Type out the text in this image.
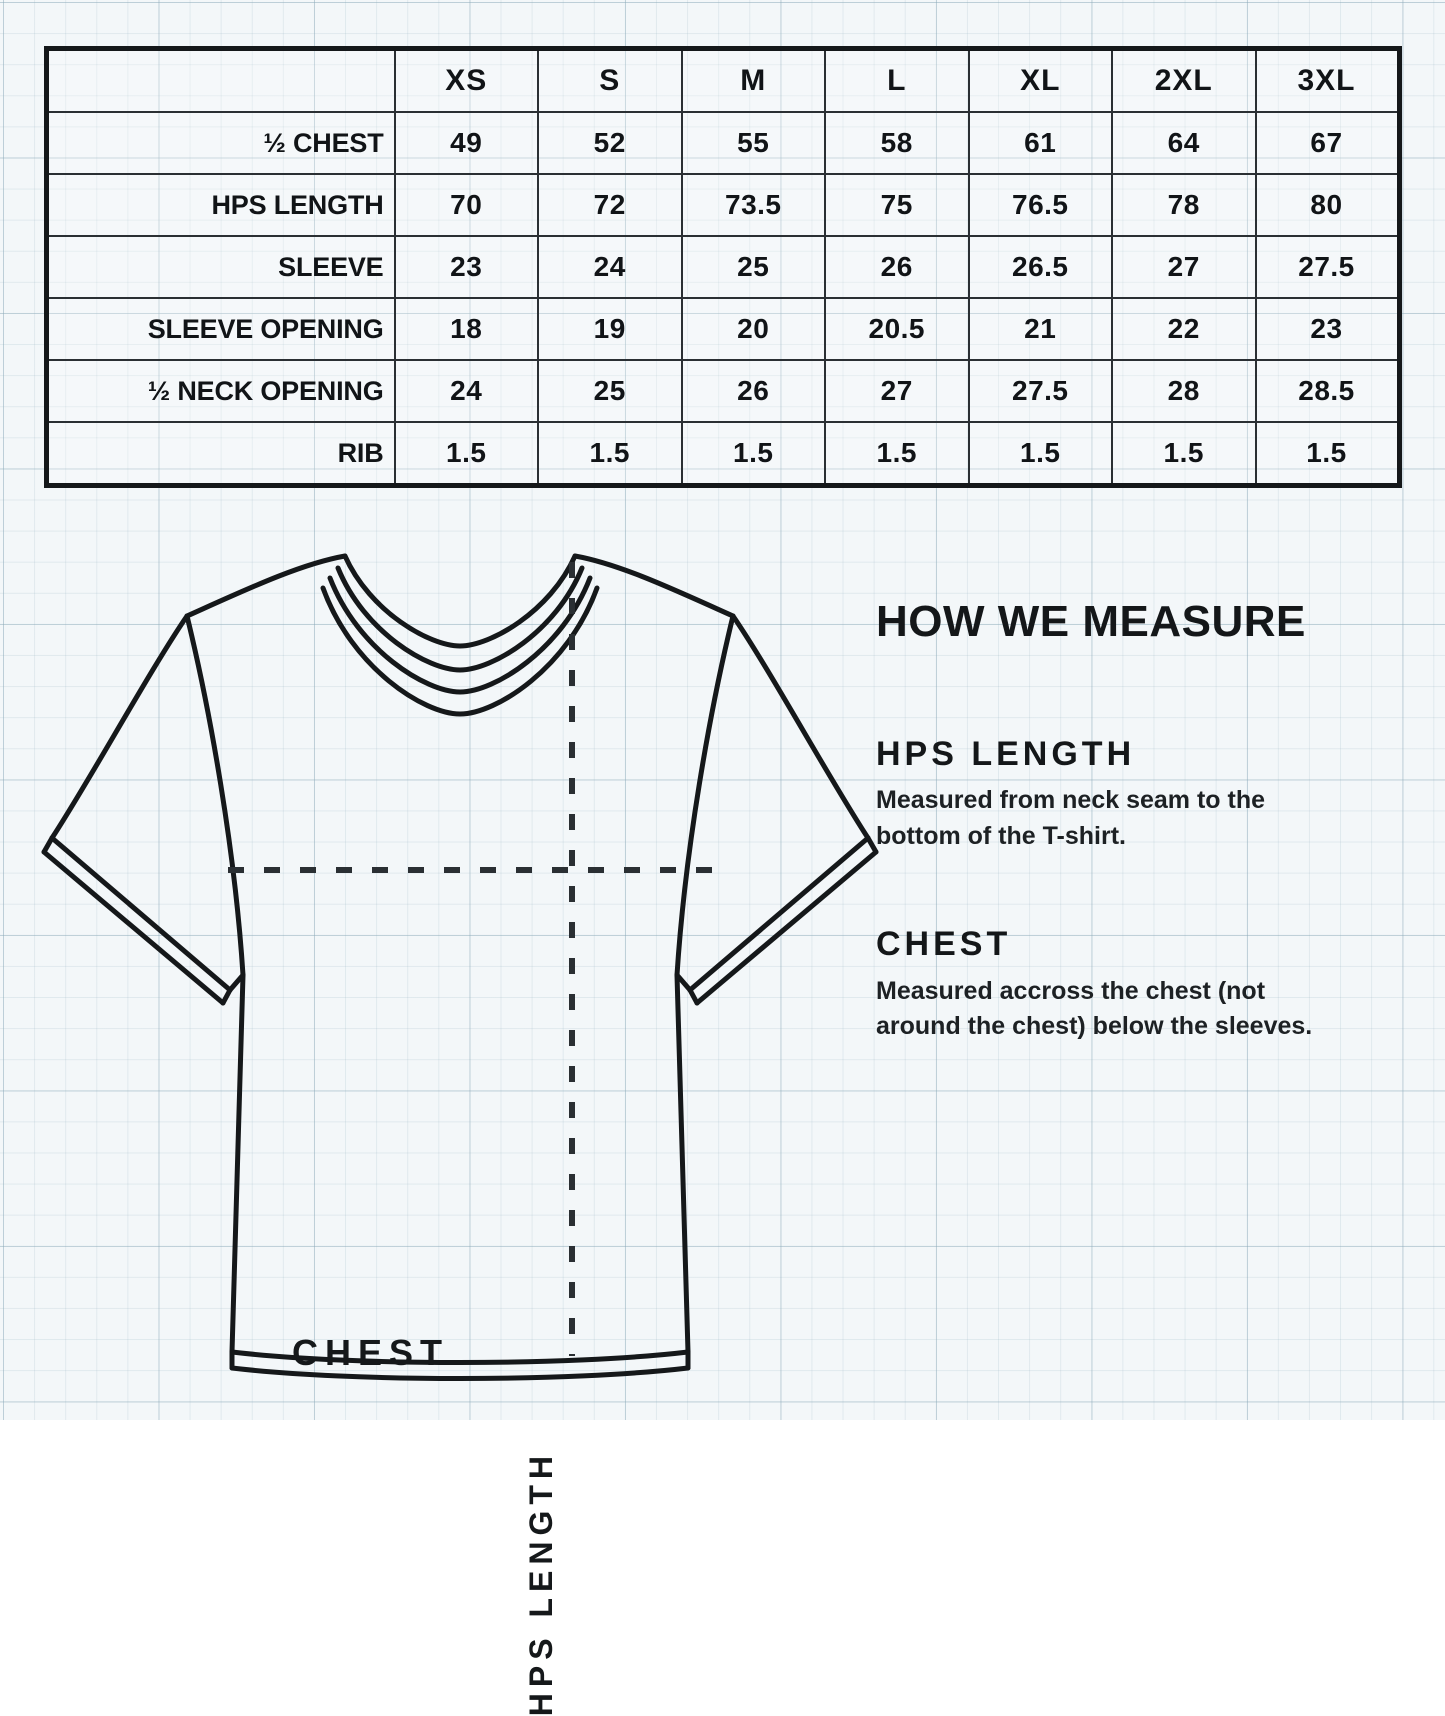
	XS	S	M	L	XL	2XL	3XL
½ CHEST	49	52	55	58	61	64	67
HPS LENGTH	70	72	73.5	75	76.5	78	80
SLEEVE	23	24	25	26	26.5	27	27.5
SLEEVE OPENING	18	19	20	20.5	21	22	23
½ NECK OPENING	24	25	26	27	27.5	28	28.5
RIB	1.5	1.5	1.5	1.5	1.5	1.5	1.5
CHEST
HPS LENGTH
HOW WE MEASURE
HPS LENGTH

Measured from neck seam to the bottom of the T-shirt.

CHEST

Measured accross the chest (not around the chest) below the sleeves.
